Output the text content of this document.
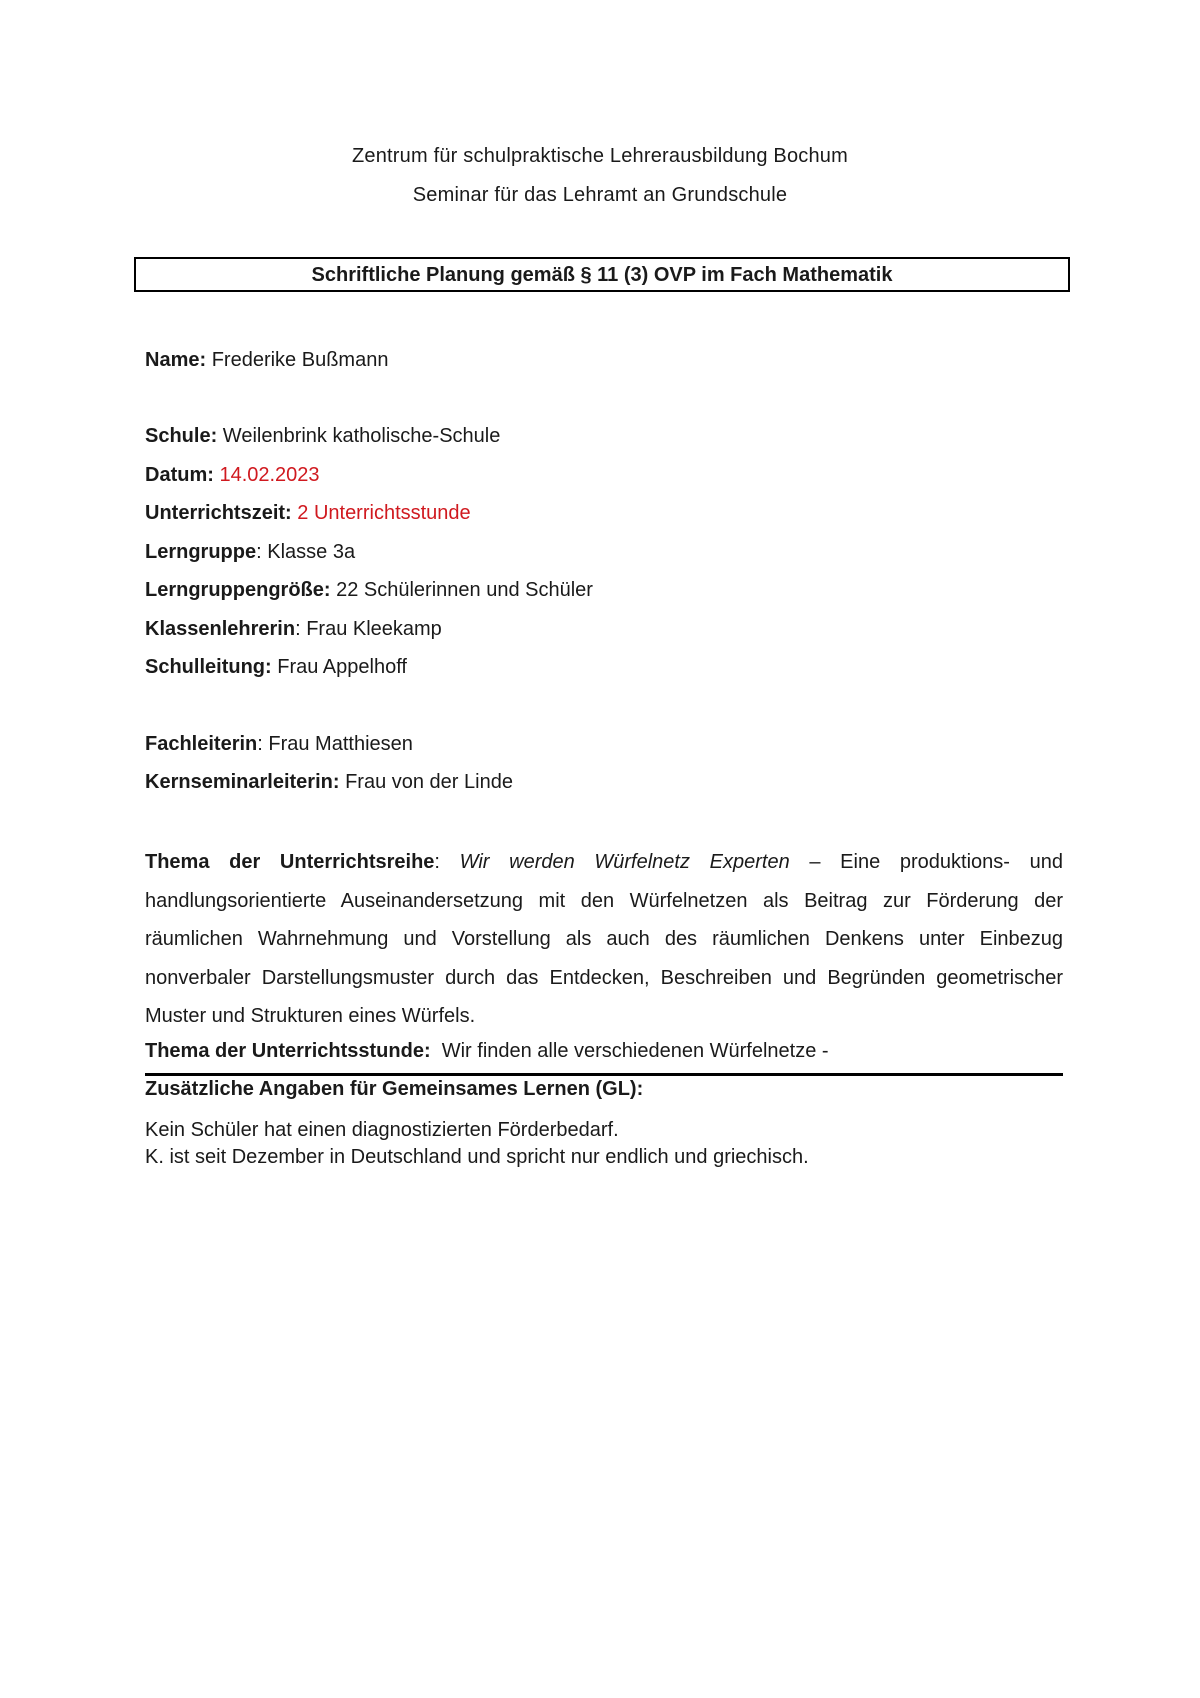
Zentrum für schulpraktische Lehrerausbildung Bochum
Seminar für das Lehramt an Grundschule
Schriftliche Planung gemäß § 11 (3) OVP im Fach Mathematik
Name: Frederike Bußmann
Schule: Weilenbrink katholische-Schule
Datum: 14.02.2023
Unterrichtszeit: 2 Unterrichtsstunde
Lerngruppe: Klasse 3a
Lerngruppengröße: 22 Schülerinnen und Schüler
Klassenlehrerin: Frau Kleekamp
Schulleitung: Frau Appelhoff
Fachleiterin: Frau Matthiesen
Kernseminarleiterin: Frau von der Linde
Thema der Unterrichtsreihe: Wir werden Würfelnetz Experten – Eine produktions- und handlungsorientierte Auseinandersetzung mit den Würfelnetzen als Beitrag zur Förderung der räumlichen Wahrnehmung und Vorstellung als auch des räumlichen Denkens unter Einbezug nonverbaler Darstellungsmuster durch das Entdecken, Beschreiben und Begründen geometrischer Muster und Strukturen eines Würfels.
Thema der Unterrichtsstunde:  Wir finden alle verschiedenen Würfelnetze -
Zusätzliche Angaben für Gemeinsames Lernen (GL):
Kein Schüler hat einen diagnostizierten Förderbedarf.
K. ist seit Dezember in Deutschland und spricht nur endlich und griechisch.
